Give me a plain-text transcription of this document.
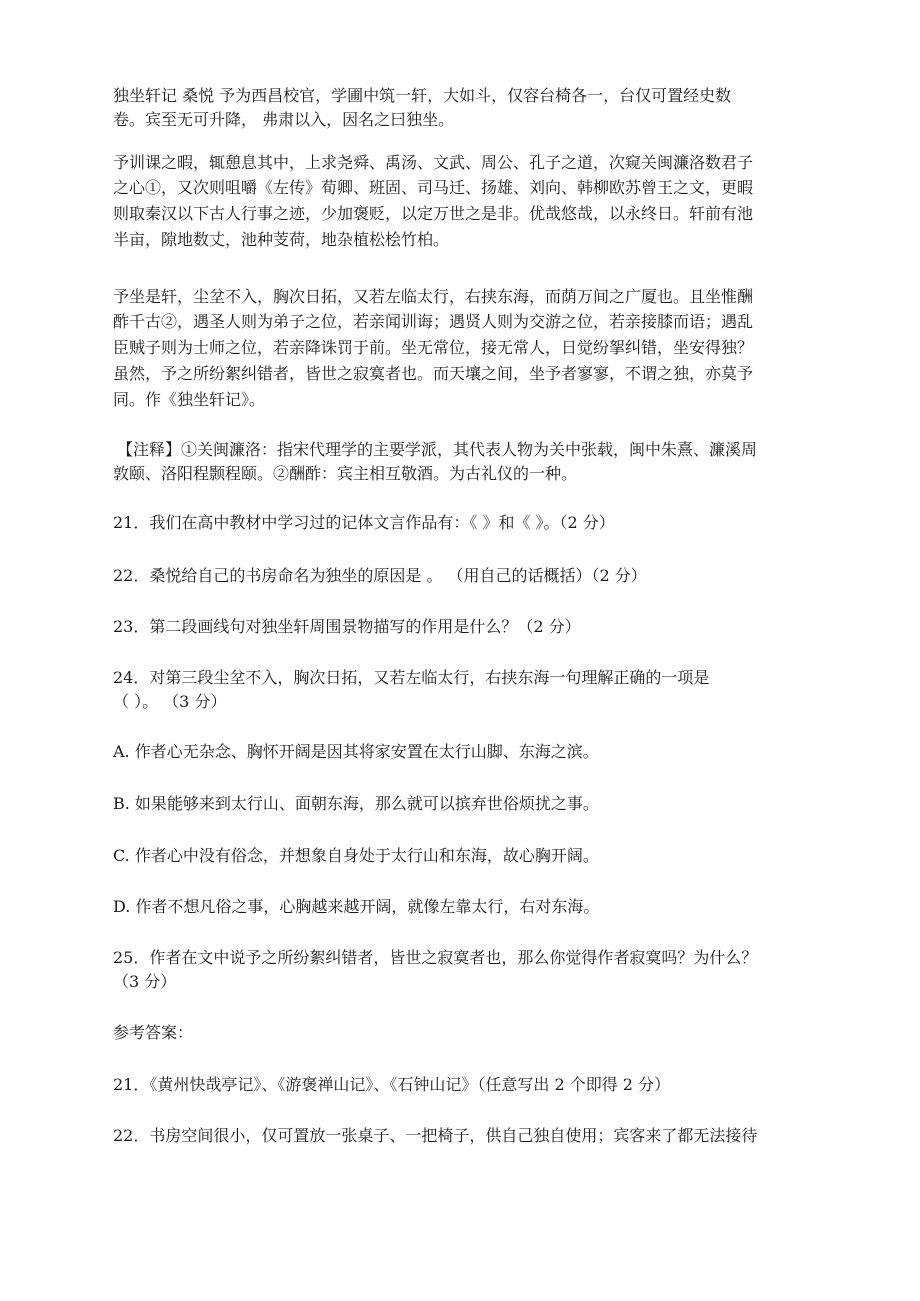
独坐轩记 桑悦 予为西昌校官，学圃中筑一轩，大如斗，仅容台椅各一，台仅可置经史数
卷。宾至无可升降， 弗肃以入，因名之曰独坐。
予训课之暇，辄憩息其中，上求尧舜、禹汤、文武、周公、孔子之道，次窥关闽濂洛数君子
之心①，又次则咀嚼《左传》荀卿、班固、司马迁、扬雄、刘向、韩柳欧苏曾王之文，更暇
则取秦汉以下古人行事之迹，少加褒贬，以定万世之是非。优哉悠哉，以永终日。轩前有池
半亩，隙地数丈，池种芰荷，地杂植松桧竹柏。
予坐是轩，尘坌不入，胸次日拓，又若左临太行，右挟东海，而荫万间之广厦也。且坐惟酬
酢千古②，遇圣人则为弟子之位，若亲闻训诲；遇贤人则为交游之位，若亲接膝而语；遇乱
臣贼子则为士师之位，若亲降诛罚于前。坐无常位，接无常人，日觉纷挐纠错，坐安得独？
虽然，予之所纷絮纠错者，皆世之寂寞者也。而天壤之间，坐予者寥寥，不谓之独，亦莫予
同。作《独坐轩记》。
【注释】①关闽濂洛：指宋代理学的主要学派，其代表人物为关中张载，闽中朱熹、濂溪周
敦颐、洛阳程颢程颐。②酬酢：宾主相互敬酒。为古礼仪的一种。
21．我们在高中教材中学习过的记体文言作品有：《 》和《 》。（2 分）
22．桑悦给自己的书房命名为独坐的原因是 。 （用自己的话概括）（2 分）
23．第二段画线句对独坐轩周围景物描写的作用是什么？（2 分）
24．对第三段尘坌不入，胸次日拓，又若左临太行，右挟东海一句理解正确的一项是
（ ）。 （3 分）
A. 作者心无杂念、胸怀开阔是因其将家安置在太行山脚、东海之滨。
B. 如果能够来到太行山、面朝东海，那么就可以摈弃世俗烦扰之事。
C. 作者心中没有俗念，并想象自身处于太行山和东海，故心胸开阔。
D. 作者不想凡俗之事，心胸越来越开阔，就像左靠太行，右对东海。
25．作者在文中说予之所纷絮纠错者，皆世之寂寞者也，那么你觉得作者寂寞吗？为什么？
（3 分）
参考答案：
21．《黄州快哉亭记》、《游褒禅山记》、《石钟山记》（任意写出 2 个即得 2 分）
22．书房空间很小，仅可置放一张桌子、一把椅子，供自己独自使用；宾客来了都无法接待
